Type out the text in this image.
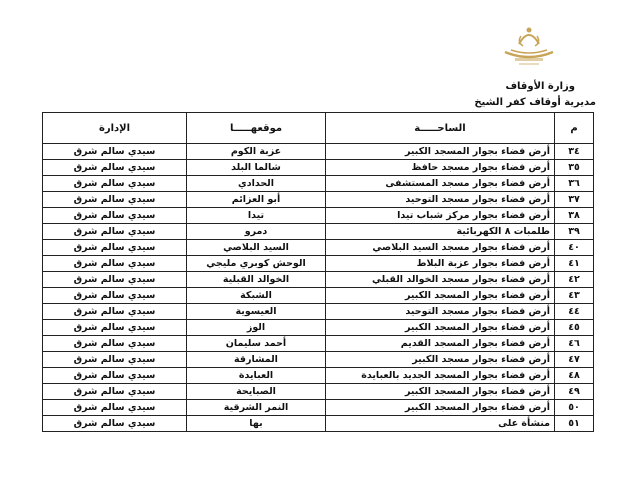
وزارة الأوقاف
مديرية أوقاف كفر الشيخ
م	الساحـــــة	موقعهـــــا	الإدارة
٣٤	أرض فضاء بجوار المسجد الكبير	عزبة الكوم	سيدي سالم شرق
٣٥	أرض فضاء بجوار مسجد حافظ	شالما البلد	سيدي سالم شرق
٣٦	أرض فضاء بجوار مسجد المستشفى	الحدادي	سيدي سالم شرق
٣٧	أرض فضاء بجوار مسجد التوحيد	أبو العزائم	سيدي سالم شرق
٣٨	أرض فضاء بجوار مركز شباب تيدا	تيدا	سيدي سالم شرق
٣٩	طلمبات ٨ الكهربائية	دمرو	سيدي سالم شرق
٤٠	أرض فضاء بجوار مسجد السيد البلاصي	السيد البلاصي	سيدي سالم شرق
٤١	أرض فضاء بجوار عزبة البلاط	الوحش كوبري مليجي	سيدي سالم شرق
٤٢	أرض فضاء بجوار مسجد الخوالد القبلي	الخوالد القبلية	سيدي سالم شرق
٤٣	أرض فضاء بجوار المسجد الكبير	الشبكة	سيدي سالم شرق
٤٤	أرض فضاء بجوار مسجد التوحيد	العيسوية	سيدي سالم شرق
٤٥	أرض فضاء بجوار المسجد الكبير	الوز	سيدي سالم شرق
٤٦	أرض فضاء بجوار المسجد القديم	أحمد سليمان	سيدي سالم شرق
٤٧	أرض فضاء بجوار مسجد الكبير	المشارقة	سيدي سالم شرق
٤٨	أرض فضاء بجوار المسجد الجديد بالعبايدة	العبايدة	سيدي سالم شرق
٤٩	أرض فضاء بجوار المسجد الكبير	الصبايحة	سيدي سالم شرق
٥٠	أرض فضاء بجوار المسجد الكبير	النمر الشرقية	سيدي سالم شرق
٥١	منشأة على	بها	سيدي سالم شرق
